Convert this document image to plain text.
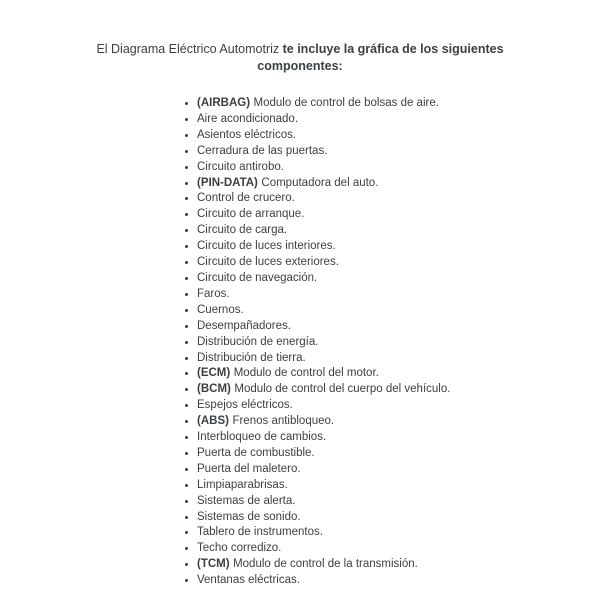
El Diagrama Eléctrico Automotriz te incluye la gráfica de los siguientes componentes:

• (AIRBAG) Modulo de control de bolsas de aire.
• Aire acondicionado.
• Asientos eléctricos.
• Cerradura de las puertas.
• Circuito antirobo.
• (PIN-DATA) Computadora del auto.
• Control de crucero.
• Circuito de arranque.
• Circuito de carga.
• Circuito de luces interiores.
• Circuito de luces exteriores.
• Circuito de navegación.
• Faros.
• Cuernos.
• Desempañadores.
• Distribución de energía.
• Distribución de tierra.
• (ECM) Modulo de control del motor.
• (BCM) Modulo de control del cuerpo del vehículo.
• Espejos eléctricos.
• (ABS) Frenos antibloqueo.
• Interbloqueo de cambios.
• Puerta de combustible.
• Puerta del maletero.
• Limpiaparabrisas.
• Sistemas de alerta.
• Sistemas de sonido.
• Tablero de instrumentos.
• Techo corredizo.
• (TCM) Modulo de control de la transmisión.
• Ventanas eléctricas.
